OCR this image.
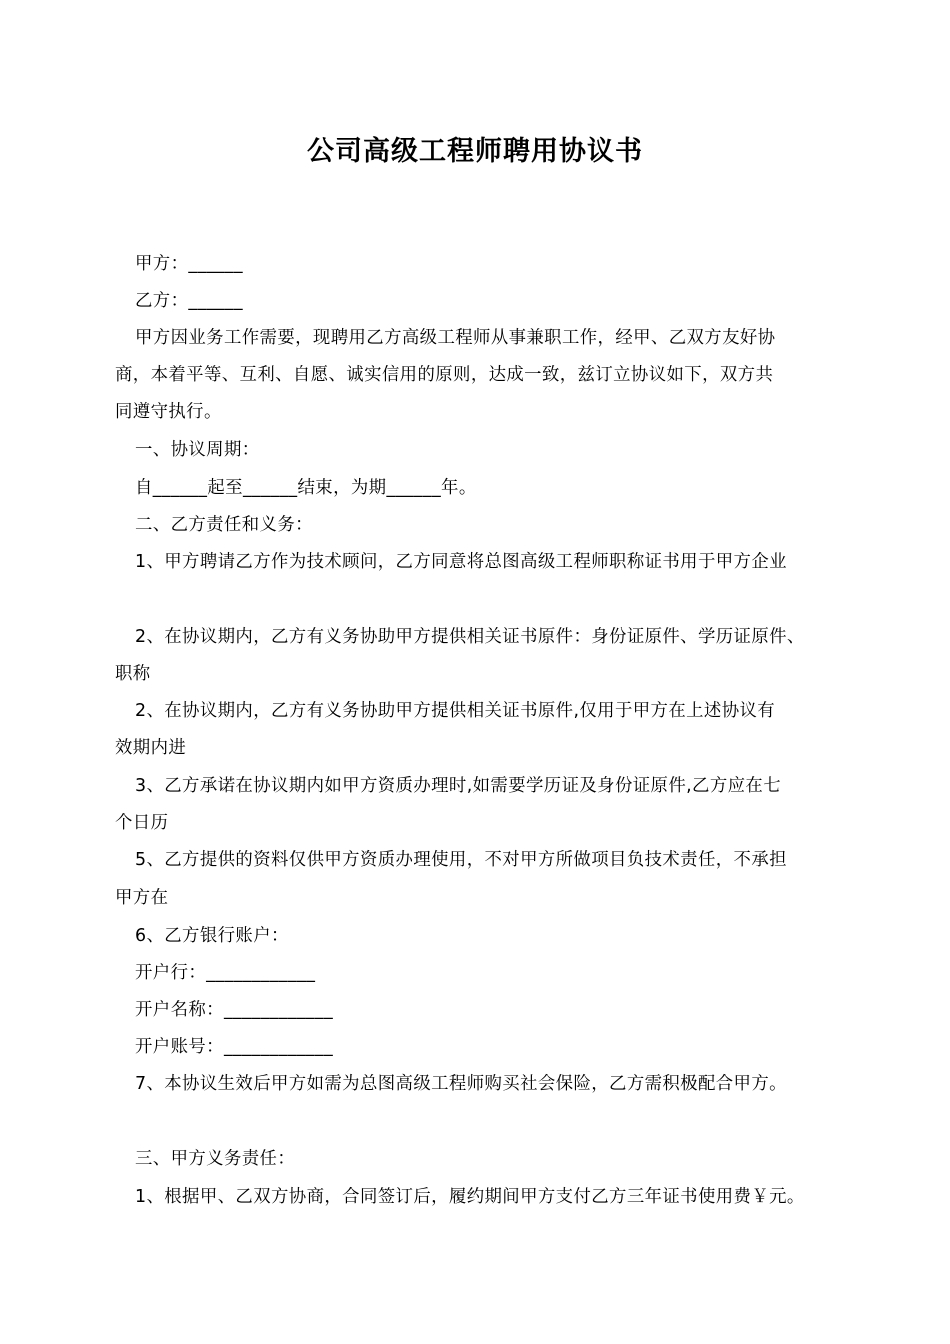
公司高级工程师聘用协议书
甲方：______
乙方：______
甲方因业务工作需要，现聘用乙方高级工程师从事兼职工作，经甲、乙双方友好协
商，本着平等、互利、自愿、诚实信用的原则，达成一致，兹订立协议如下，双方共
同遵守执行。
一、协议周期：
自______起至______结束，为期______年。
二、乙方责任和义务：
1、甲方聘请乙方作为技术顾问，乙方同意将总图高级工程师职称证书用于甲方企业
2、在协议期内，乙方有义务协助甲方提供相关证书原件：身份证原件、学历证原件、
职称
2、在协议期内，乙方有义务协助甲方提供相关证书原件,仅用于甲方在上述协议有
效期内进
3、乙方承诺在协议期内如甲方资质办理时,如需要学历证及身份证原件,乙方应在七
个日历
5、乙方提供的资料仅供甲方资质办理使用，不对甲方所做项目负技术责任，不承担
甲方在
6、乙方银行账户：
开户行：____________
开户名称：____________
开户账号：____________
7、本协议生效后甲方如需为总图高级工程师购买社会保险，乙方需积极配合甲方。
三、甲方义务责任：
1、根据甲、乙双方协商，合同签订后，履约期间甲方支付乙方三年证书使用费￥元。
